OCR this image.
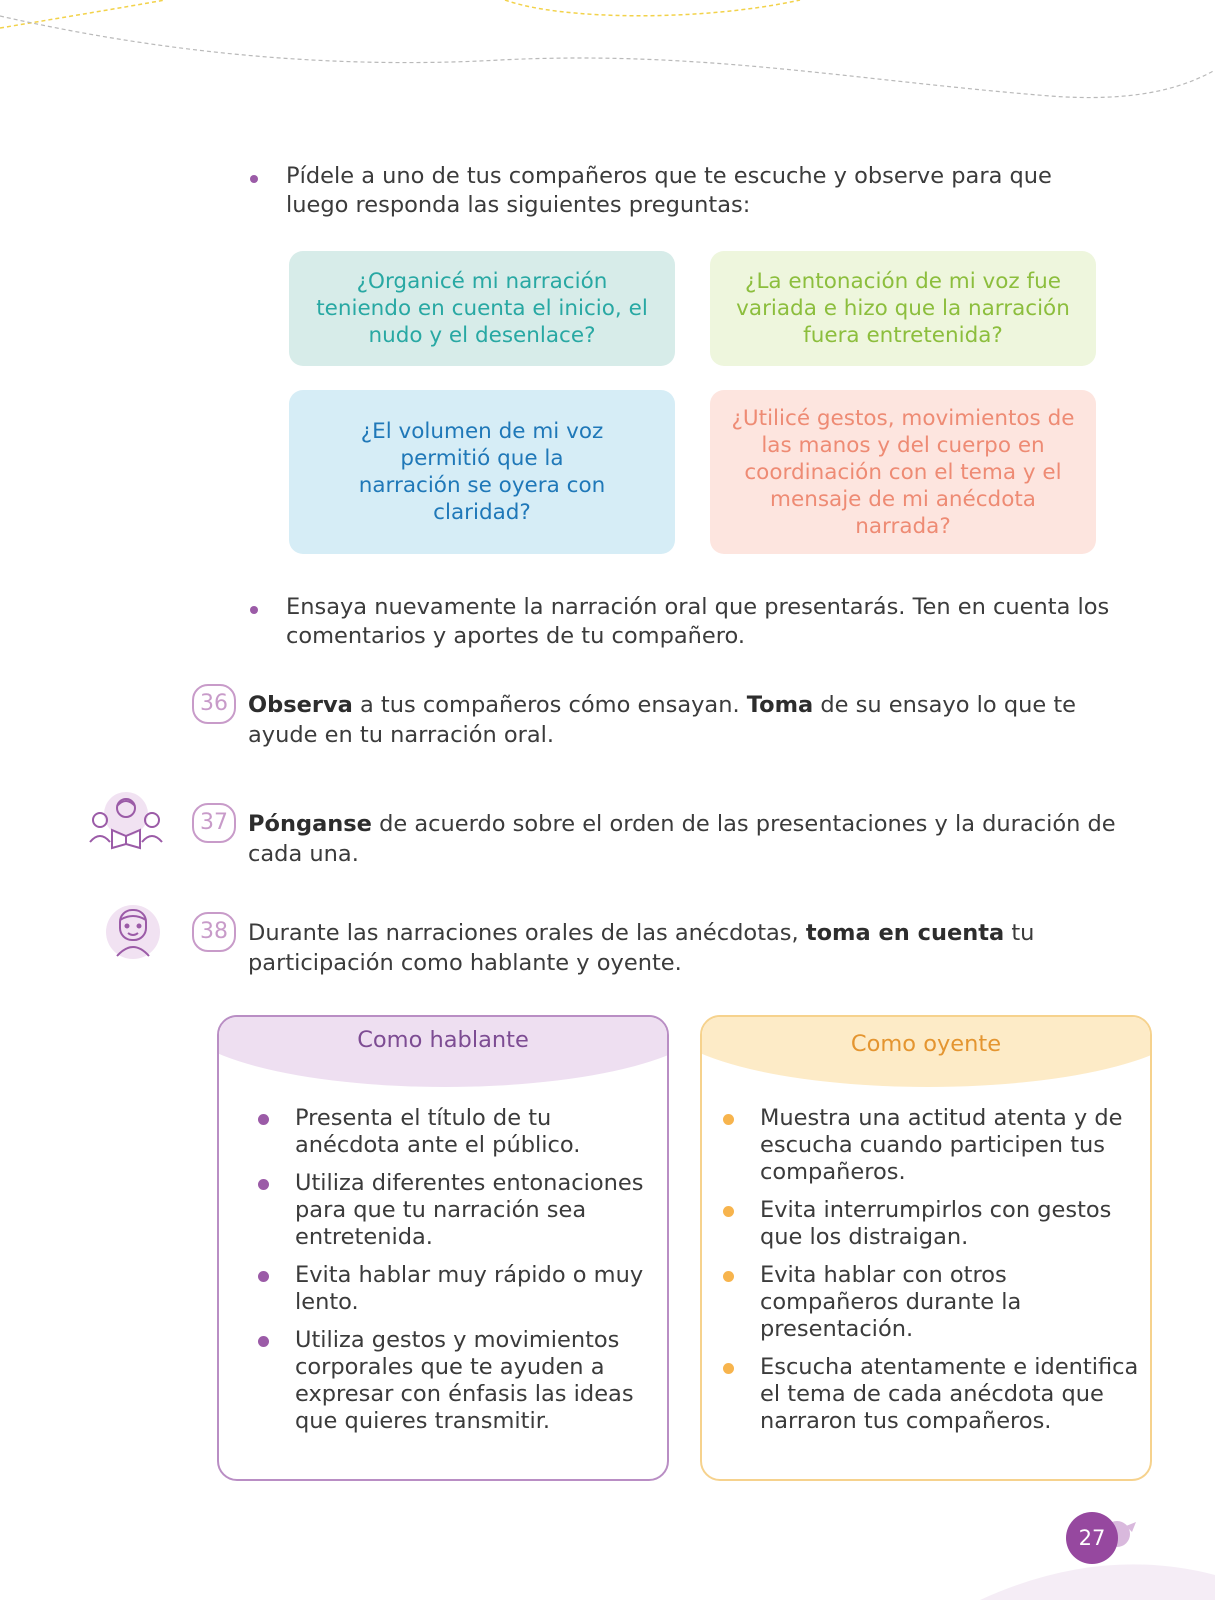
Pídele a uno de tus compañeros que te escuche y observe para que luego responda las siguientes preguntas:
¿Organicé mi narración teniendo en cuenta el inicio, el nudo y el desenlace?
¿La entonación de mi voz fue variada e hizo que la narración fuera entretenida?
¿El volumen de mi voz permitió que la narración se oyera con claridad?
¿Utilicé gestos, movimientos de las manos y del cuerpo en coordinación con el tema y el mensaje de mi anécdota narrada?
Ensaya nuevamente la narración oral que presentarás. Ten en cuenta los comentarios y aportes de tu compañero.
36 Observa a tus compañeros cómo ensayan. Toma de su ensayo lo que te ayude en tu narración oral.
37 Pónganse de acuerdo sobre el orden de las presentaciones y la duración de cada una.
38 Durante las narraciones orales de las anécdotas, toma en cuenta tu participación como hablante y oyente.
Como hablante
Presenta el título de tu anécdota ante el público.
Utiliza diferentes entonaciones para que tu narración sea entretenida.
Evita hablar muy rápido o muy lento.
Utiliza gestos y movimientos corporales que te ayuden a expresar con énfasis las ideas que quieres transmitir.
Como oyente
Muestra una actitud atenta y de escucha cuando participen tus compañeros.
Evita interrumpirlos con gestos que los distraigan.
Evita hablar con otros compañeros durante la presentación.
Escucha atentamente e identifica el tema de cada anécdota que narraron tus compañeros.
27
